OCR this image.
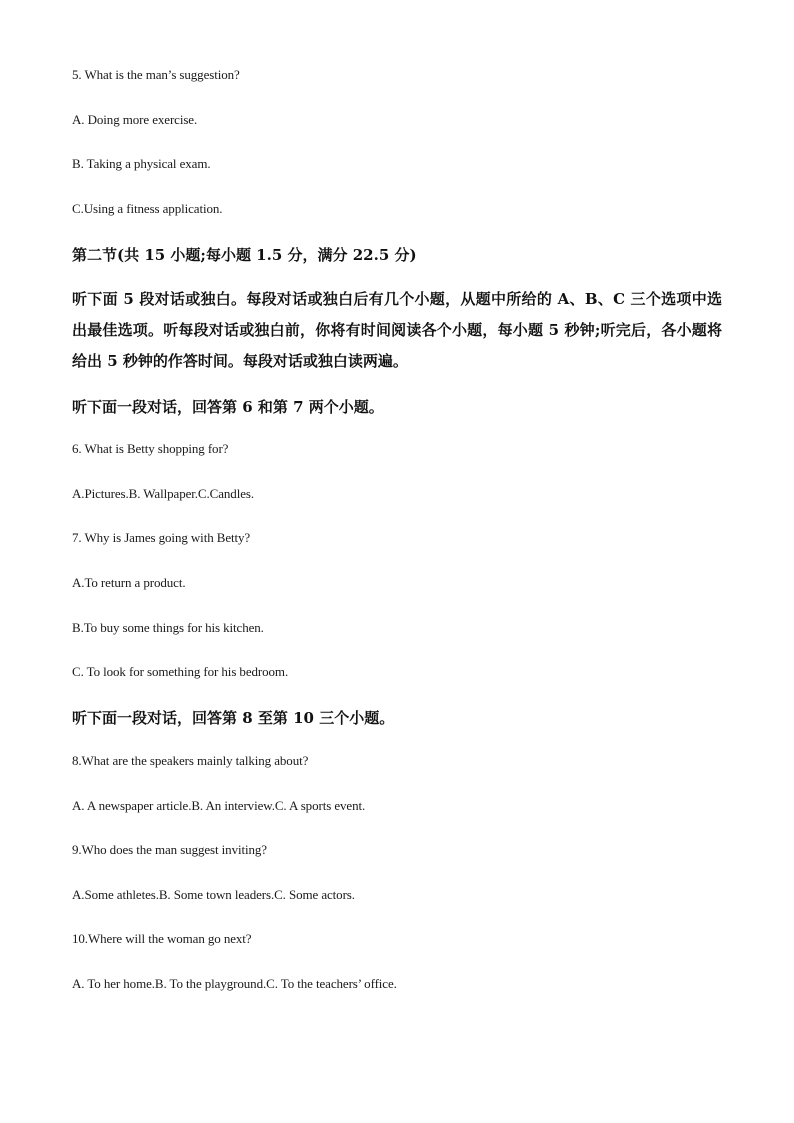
5. What is the man’s suggestion?
A. Doing more exercise.
B. Taking a physical exam.
C.Using a fitness application.
第二节(共 15 小题;每小题 1.5 分，满分 22.5 分)
听下面 5 段对话或独白。每段对话或独白后有几个小题，从题中所给的 A、B、C 三个选项中选出最佳选项。听每段对话或独白前，你将有时间阅读各个小题，每小题 5 秒钟;听完后，各小题将给出 5 秒钟的作答时间。每段对话或独白读两遍。
听下面一段对话，回答第 6 和第 7 两个小题。
6. What is Betty shopping for?
A.Pictures.B. Wallpaper.C.Candles.
7. Why is James going with Betty?
A.To return a product.
B.To buy some things for his kitchen.
C. To look for something for his bedroom.
听下面一段对话，回答第 8 至第 10 三个小题。
8.What are the speakers mainly talking about?
A. A newspaper article.B. An interview.C. A sports event.
9.Who does the man suggest inviting?
A.Some athletes.B. Some town leaders.C. Some actors.
10.Where will the woman go next?
A. To her home.B. To the playground.C. To the teachers’ office.
